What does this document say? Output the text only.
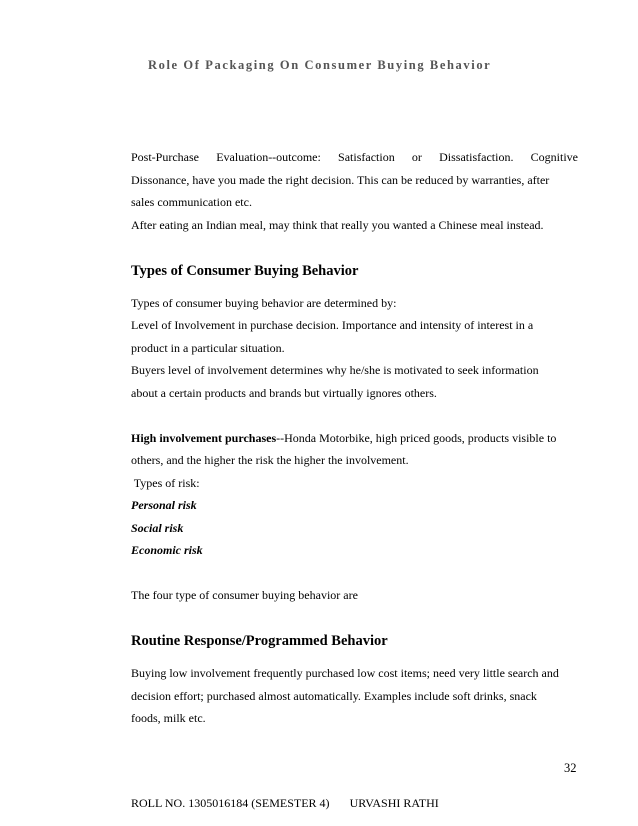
Role Of Packaging On Consumer Buying Behavior
Post-Purchase Evaluation--outcome: Satisfaction or Dissatisfaction. Cognitive
Dissonance, have you made the right decision. This can be reduced by warranties, after
sales communication etc.
After eating an Indian meal, may think that really you wanted a Chinese meal instead.
Types of Consumer Buying Behavior
Types of consumer buying behavior are determined by:
Level of Involvement in purchase decision. Importance and intensity of interest in a
product in a particular situation.
Buyers level of involvement determines why he/she is motivated to seek information
about a certain products and brands but virtually ignores others.
High involvement purchases--Honda Motorbike, high priced goods, products visible to
others, and the higher the risk the higher the involvement.
Types of risk:
Personal risk
Social risk
Economic risk
The four type of consumer buying behavior are
Routine Response/Programmed Behavior
Buying low involvement frequently purchased low cost items; need very little search and
decision effort; purchased almost automatically. Examples include soft drinks, snack
foods, milk etc.
32
ROLL NO. 1305016184 (SEMESTER 4) URVASHI RATHI
